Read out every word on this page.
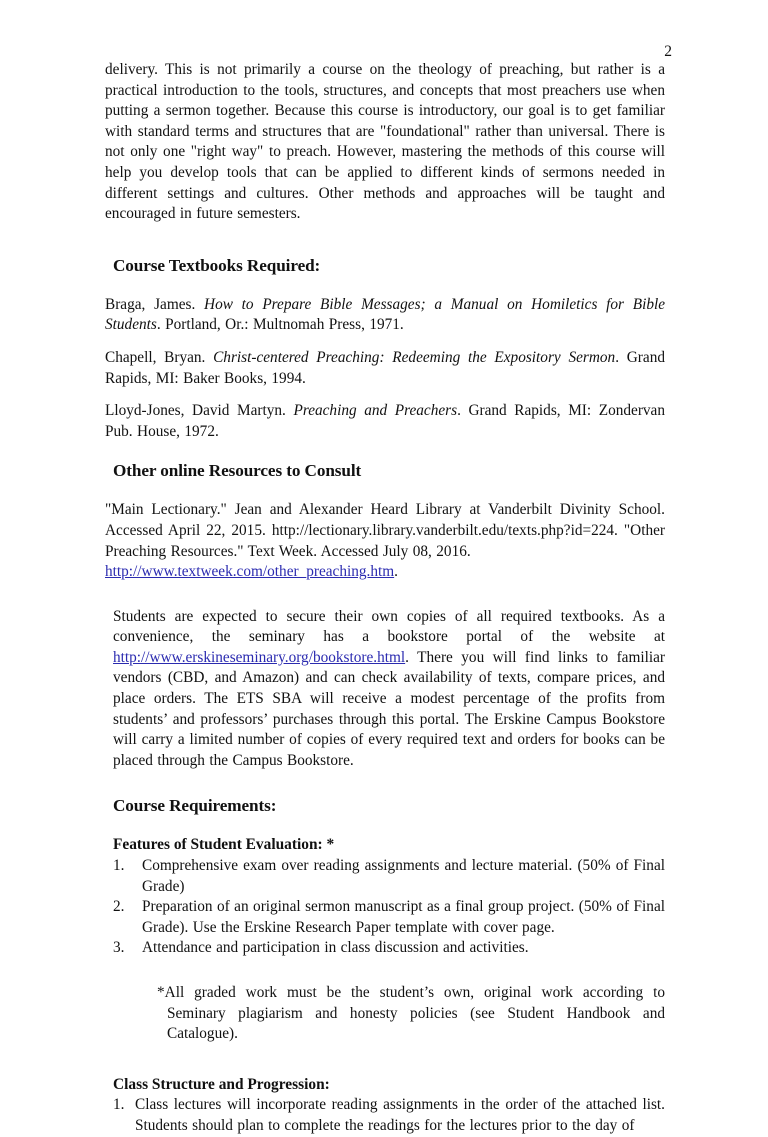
2

delivery. This is not primarily a course on the theology of preaching, but rather is a practical introduction to the tools, structures, and concepts that most preachers use when putting a sermon together. Because this course is introductory, our goal is to get familiar with standard terms and structures that are "foundational" rather than universal. There is not only one "right way" to preach. However, mastering the methods of this course will help you develop tools that can be applied to different kinds of sermons needed in different settings and cultures. Other methods and approaches will be taught and encouraged in future semesters.

Course Textbooks Required:
Braga, James. How to Prepare Bible Messages; a Manual on Homiletics for Bible Students. Portland, Or.: Multnomah Press, 1971.
Chapell, Bryan. Christ-centered Preaching: Redeeming the Expository Sermon. Grand Rapids, MI: Baker Books, 1994.
Lloyd-Jones, David Martyn. Preaching and Preachers. Grand Rapids, MI: Zondervan Pub. House, 1972.
Other online Resources to Consult
"Main Lectionary." Jean and Alexander Heard Library at Vanderbilt Divinity School. Accessed April 22, 2015. http://lectionary.library.vanderbilt.edu/texts.php?id=224. "Other Preaching Resources." Text Week. Accessed July 08, 2016.
http://www.textweek.com/other_preaching.htm.
Students are expected to secure their own copies of all required textbooks. As a convenience, the seminary has a bookstore portal of the website at http://www.erskineseminary.org/bookstore.html. There you will find links to familiar vendors (CBD, and Amazon) and can check availability of texts, compare prices, and place orders. The ETS SBA will receive a modest percentage of the profits from students’ and professors’ purchases through this portal. The Erskine Campus Bookstore will carry a limited number of copies of every required text and orders for books can be placed through the Campus Bookstore.
Course Requirements:
Features of Student Evaluation: *
1.	Comprehensive exam over reading assignments and lecture material. (50% of Final Grade)
2.	Preparation of an original sermon manuscript as a final group project. (50% of Final Grade). Use the Erskine Research Paper template with cover page.
3.	Attendance and participation in class discussion and activities.
*All graded work must be the student’s own, original work according to Seminary plagiarism and honesty policies (see Student Handbook and Catalogue).
Class Structure and Progression:
1. Class lectures will incorporate reading assignments in the order of the attached list. Students should plan to complete the readings for the lectures prior to the day of
